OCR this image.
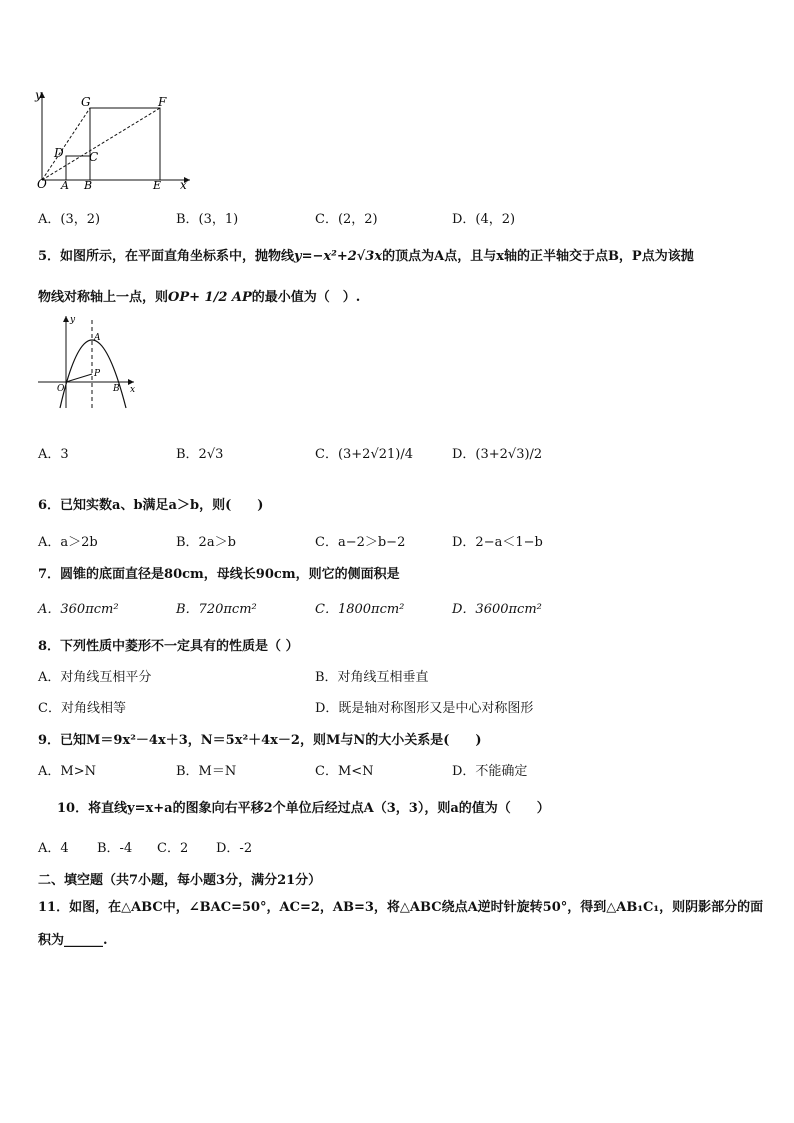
y
x
O A B	E
C
D
G	F
A．(3，2)	B．(3，1)	C．(2，2)	D．(4，2)
5．如图所示，在平面直角坐标系中，抛物线y=−x²+2√3x的顶点为A点，且与x轴的正半轴交于点B，P点为该抛
物线对称轴上一点，则OP+ 1/2 AP的最小值为（　）.
y
x
O
A
B
P
A．3	B．2√3	C．(3+2√21)/4	D．(3+2√3)/2
6．已知实数a、b满足a＞b，则(　　)
A．a＞2b	B．2a＞b	C．a−2＞b−2	D．2−a＜1−b
7．圆锥的底面直径是80cm，母线长90cm，则它的侧面积是
A．360πcm²	B．720πcm²	C．1800πcm²	D．3600πcm²
8．下列性质中菱形不一定具有的性质是（ ）
A．对角线互相平分	B．对角线互相垂直
C．对角线相等	D．既是轴对称图形又是中心对称图形
9．已知M＝9x²－4x＋3，N＝5x²＋4x－2，则M与N的大小关系是(　　)
A．M>N	B．M＝N	C．M<N	D．不能确定
10．将直线y=x+a的图象向右平移2个单位后经过点A（3，3），则a的值为（　　）
A．4 B．-4 C．2 D．-2
二、填空题（共7小题，每小题3分，满分21分）
11．如图，在△ABC中，∠BAC=50°，AC=2，AB=3，将△ABC绕点A逆时针旋转50°，得到△AB₁C₁，则阴影部分的面
积为______.
